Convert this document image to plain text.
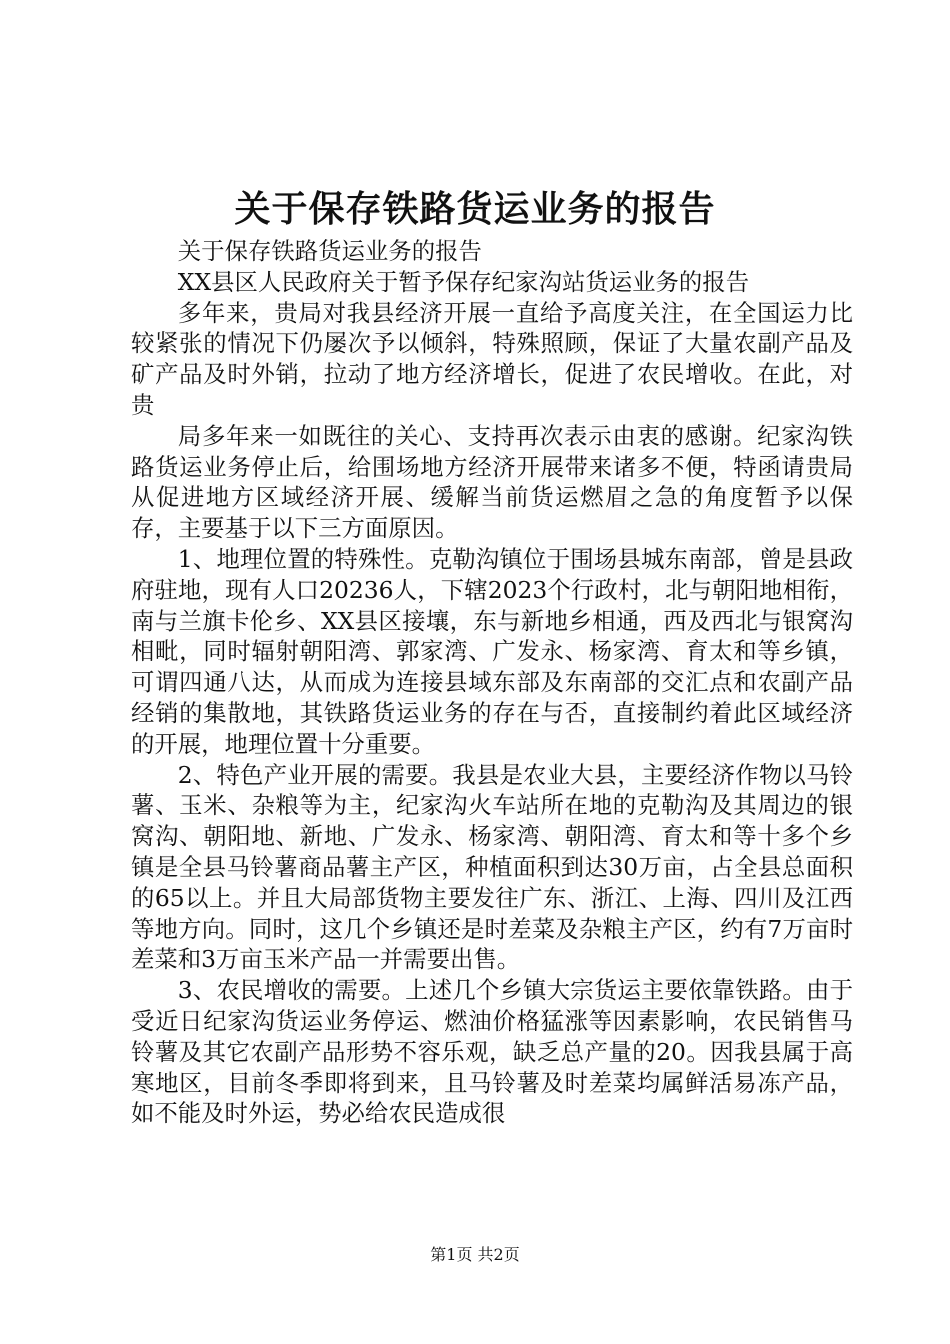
关于保存铁路货运业务的报告

关于保存铁路货运业务的报告

XX县区人民政府关于暂予保存纪家沟站货运业务的报告

多年来，贵局对我县经济开展一直给予高度关注，在全国运力比较紧张的情况下仍屡次予以倾斜，特殊照顾，保证了大量农副产品及矿产品及时外销，拉动了地方经济增长，促进了农民增收。在此，对贵

局多年来一如既往的关心、支持再次表示由衷的感谢。纪家沟铁路货运业务停止后，给围场地方经济开展带来诸多不便，特函请贵局从促进地方区域经济开展、缓解当前货运燃眉之急的角度暂予以保存，主要基于以下三方面原因。

1、地理位置的特殊性。克勒沟镇位于围场县城东南部，曾是县政府驻地，现有人口20236人，下辖2023个行政村，北与朝阳地相衔，南与兰旗卡伦乡、XX县区接壤，东与新地乡相通，西及西北与银窝沟相毗，同时辐射朝阳湾、郭家湾、广发永、杨家湾、育太和等乡镇，可谓四通八达，从而成为连接县域东部及东南部的交汇点和农副产品经销的集散地，其铁路货运业务的存在与否，直接制约着此区域经济的开展，地理位置十分重要。

2、特色产业开展的需要。我县是农业大县，主要经济作物以马铃薯、玉米、杂粮等为主，纪家沟火车站所在地的克勒沟及其周边的银窝沟、朝阳地、新地、广发永、杨家湾、朝阳湾、育太和等十多个乡镇是全县马铃薯商品薯主产区，种植面积到达30万亩，占全县总面积的65以上。并且大局部货物主要发往广东、浙江、上海、四川及江西等地方向。同时，这几个乡镇还是时差菜及杂粮主产区，约有7万亩时差菜和3万亩玉米产品一并需要出售。

3、农民增收的需要。上述几个乡镇大宗货运主要依靠铁路。由于受近日纪家沟货运业务停运、燃油价格猛涨等因素影响，农民销售马铃薯及其它农副产品形势不容乐观，缺乏总产量的20。因我县属于高寒地区，目前冬季即将到来，且马铃薯及时差菜均属鲜活易冻产品，如不能及时外运，势必给农民造成很

第1页 共2页
